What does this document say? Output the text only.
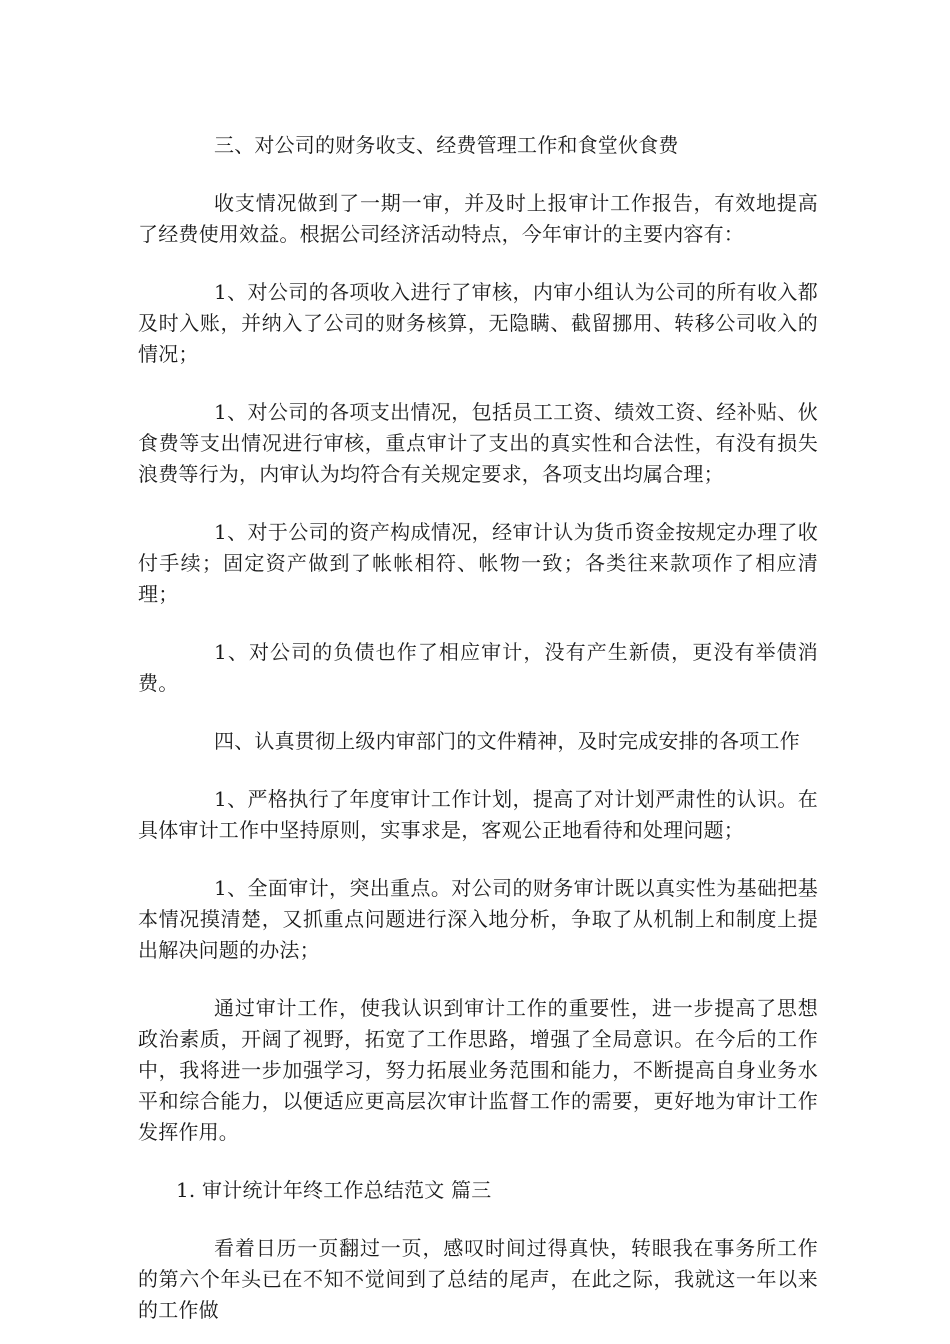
三、对公司的财务收支、经费管理工作和食堂伙食费

收支情况做到了一期一审，并及时上报审计工作报告，有效地提高了经费使用效益。根据公司经济活动特点，今年审计的主要内容有：

1、对公司的各项收入进行了审核，内审小组认为公司的所有收入都及时入账，并纳入了公司的财务核算，无隐瞒、截留挪用、转移公司收入的情况；

1、对公司的各项支出情况，包括员工工资、绩效工资、经补贴、伙食费等支出情况进行审核，重点审计了支出的真实性和合法性，有没有损失浪费等行为，内审认为均符合有关规定要求，各项支出均属合理；

1、对于公司的资产构成情况，经审计认为货币资金按规定办理了收付手续；固定资产做到了帐帐相符、帐物一致；各类往来款项作了相应清理；

1、对公司的负债也作了相应审计，没有产生新债，更没有举债消费。

四、认真贯彻上级内审部门的文件精神，及时完成安排的各项工作

1、严格执行了年度审计工作计划，提高了对计划严肃性的认识。在具体审计工作中坚持原则，实事求是，客观公正地看待和处理问题；

1、全面审计，突出重点。对公司的财务审计既以真实性为基础把基本情况摸清楚，又抓重点问题进行深入地分析，争取了从机制上和制度上提出解决问题的办法；

通过审计工作，使我认识到审计工作的重要性，进一步提高了思想政治素质，开阔了视野，拓宽了工作思路，增强了全局意识。在今后的工作中，我将进一步加强学习，努力拓展业务范围和能力，不断提高自身业务水平和综合能力，以便适应更高层次审计监督工作的需要，更好地为审计工作发挥作用。

1. 审计统计年终工作总结范文 篇三

看着日历一页翻过一页，感叹时间过得真快，转眼我在事务所工作的第六个年头已在不知不觉间到了总结的尾声，在此之际，我就这一年以来的工作做
